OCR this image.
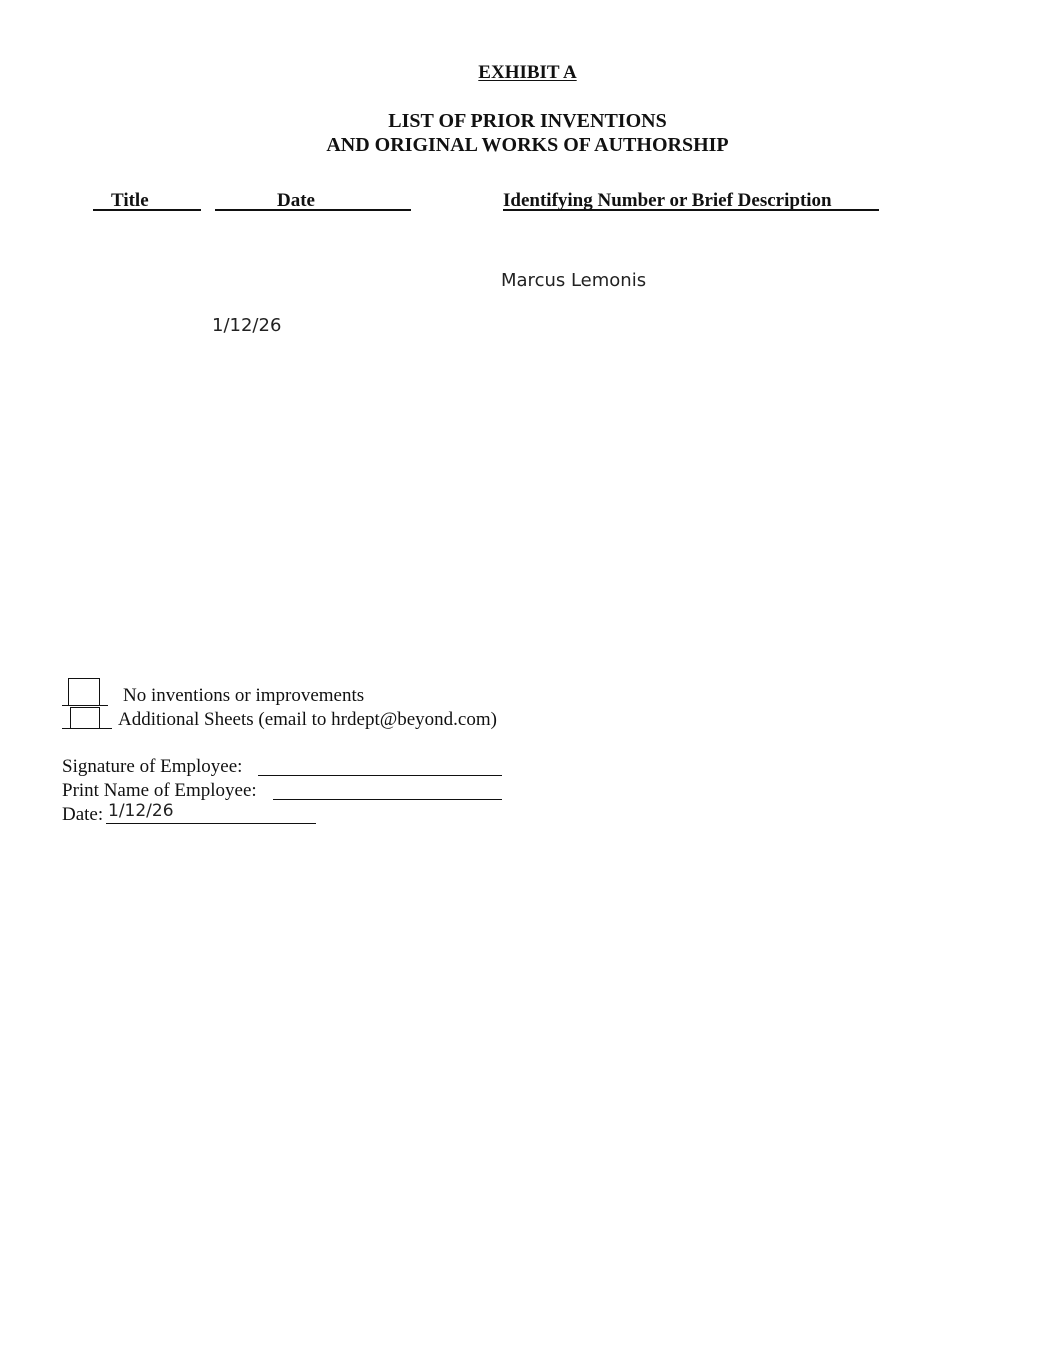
EXHIBIT A
LIST OF PRIOR INVENTIONS
AND ORIGINAL WORKS OF AUTHORSHIP
Title	Date	Identifying Number or Brief Description
Marcus Lemonis
1/12/26
No inventions or improvements
Additional Sheets (email to hrdept@beyond.com)
Signature of Employee:
Print Name of Employee:
Date: 1/12/26
